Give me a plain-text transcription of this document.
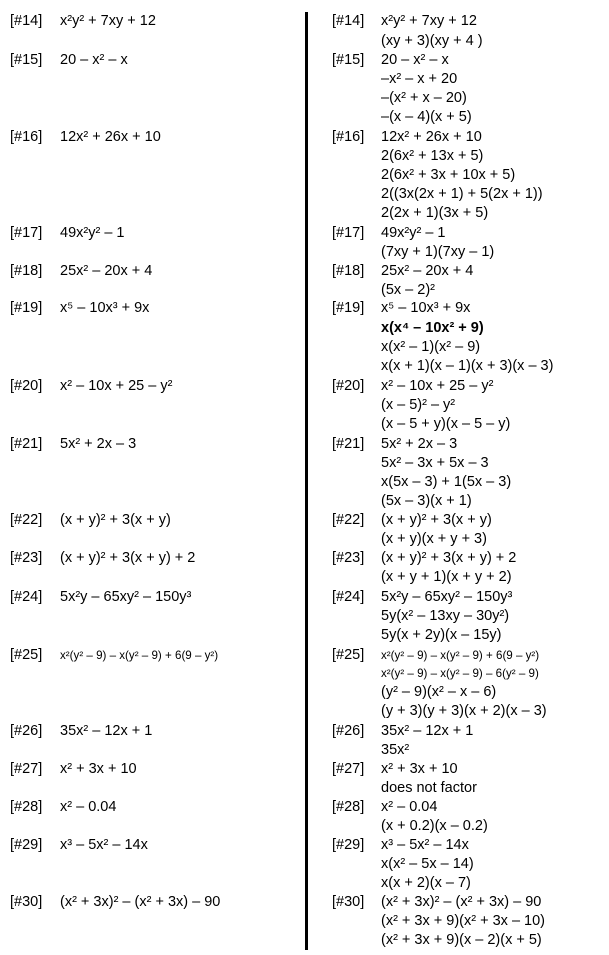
[#14] x²y² + 7xy + 12
[#15] 20 – x² – x
[#16] 12x² + 26x + 10
[#17] 49x²y² – 1
[#18] 25x² – 20x + 4
[#19] x⁵ – 10x³ + 9x
[#20] x² – 10x + 25 – y²
[#21] 5x² + 2x – 3
[#22] (x + y)² + 3(x + y)
[#23] (x + y)² + 3(x + y) + 2
[#24] 5x²y – 65xy² – 150y³
[#25] x²(y² – 9) – x(y² – 9) + 6(9 – y²)
[#26] 35x² – 12x + 1
[#27] x² + 3x + 10
[#28] x² – 0.04
[#29] x³ – 5x² – 14x
[#30] (x² + 3x)² – (x² + 3x) – 90
[#14] x²y² + 7xy + 12
(xy + 3)(xy + 4 )
[#15] 20 – x² – x
–x² – x + 20
–(x² + x – 20)
–(x – 4)(x + 5)
[#16] 12x² + 26x + 10
2(6x² + 13x + 5)
2(6x² + 3x + 10x + 5)
2((3x(2x + 1) + 5(2x + 1))
2(2x + 1)(3x + 5)
[#17] 49x²y² – 1
(7xy + 1)(7xy – 1)
[#18] 25x² – 20x + 4
(5x – 2)²
[#19] x⁵ – 10x³ + 9x
x(x⁴ – 10x² + 9)
x(x² – 1)(x² – 9)
x(x + 1)(x – 1)(x + 3)(x – 3)
[#20] x² – 10x + 25 – y²
(x – 5)² – y²
(x – 5 + y)(x – 5 – y)
[#21] 5x² + 2x – 3
5x² – 3x + 5x – 3
x(5x – 3) + 1(5x – 3)
(5x – 3)(x + 1)
[#22] (x + y)² + 3(x + y)
(x + y)(x + y + 3)
[#23] (x + y)² + 3(x + y) + 2
(x + y + 1)(x + y + 2)
[#24] 5x²y – 65xy² – 150y³
5y(x² – 13xy – 30y²)
5y(x + 2y)(x – 15y)
[#25] x²(y² – 9) – x(y² – 9) + 6(9 – y²)
x²(y² – 9) – x(y² – 9) – 6(y² – 9)
(y² – 9)(x² – x – 6)
(y + 3)(y + 3)(x + 2)(x – 3)
[#26] 35x² – 12x + 1
35x²
[#27] x² + 3x + 10
does not factor
[#28] x² – 0.04
(x + 0.2)(x – 0.2)
[#29] x³ – 5x² – 14x
x(x² – 5x – 14)
x(x + 2)(x – 7)
[#30] (x² + 3x)² – (x² + 3x) – 90
(x² + 3x + 9)(x² + 3x – 10)
(x² + 3x + 9)(x – 2)(x + 5)
